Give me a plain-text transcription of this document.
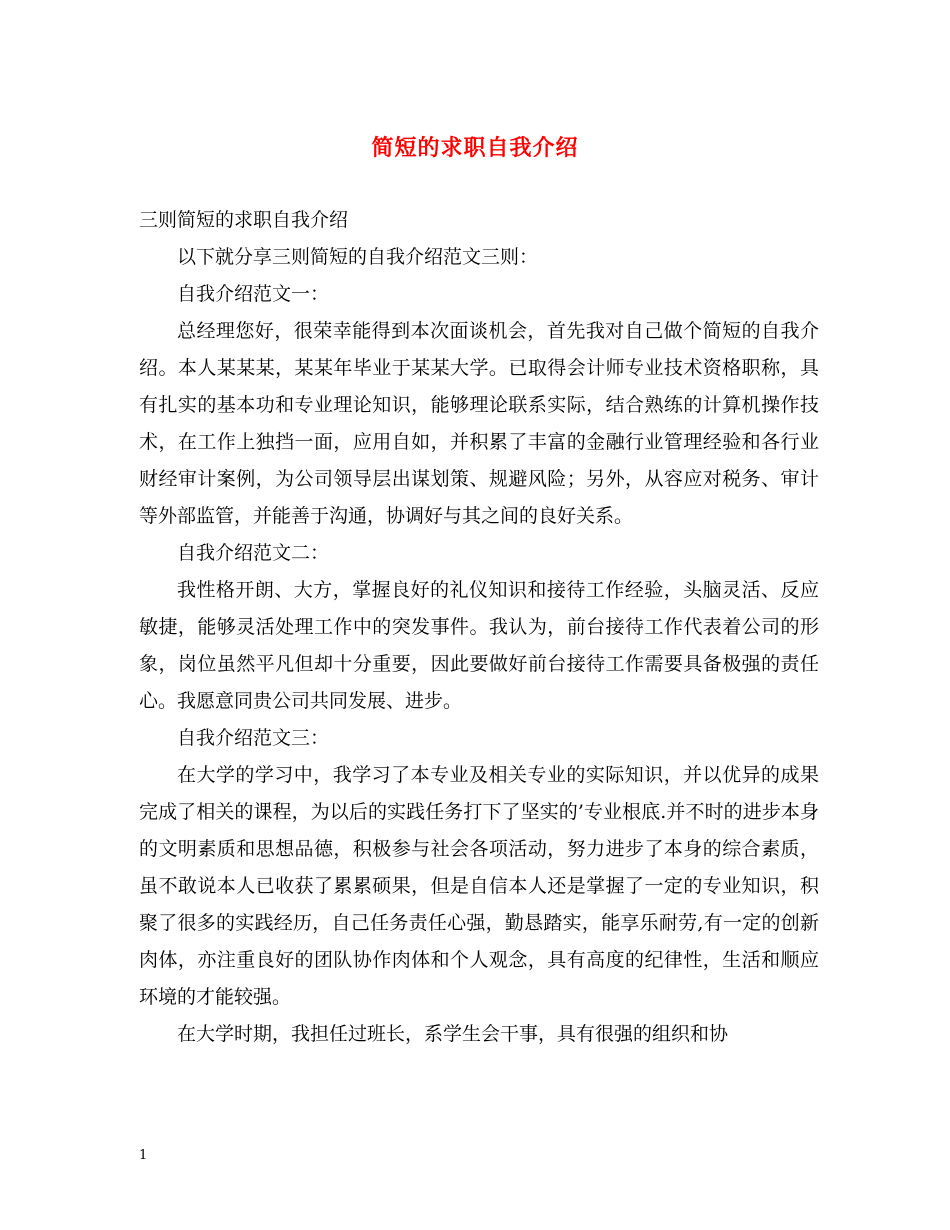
简短的求职自我介绍

三则简短的求职自我介绍

以下就分享三则简短的自我介绍范文三则：

自我介绍范文一：

总经理您好，很荣幸能得到本次面谈机会，首先我对自己做个简短的自我介绍。本人某某某，某某年毕业于某某大学。已取得会计师专业技术资格职称，具有扎实的基本功和专业理论知识，能够理论联系实际，结合熟练的计算机操作技术，在工作上独挡一面，应用自如，并积累了丰富的金融行业管理经验和各行业财经审计案例，为公司领导层出谋划策、规避风险；另外，从容应对税务、审计等外部监管，并能善于沟通，协调好与其之间的良好关系。

自我介绍范文二：

我性格开朗、大方，掌握良好的礼仪知识和接待工作经验，头脑灵活、反应敏捷，能够灵活处理工作中的突发事件。我认为，前台接待工作代表着公司的形象，岗位虽然平凡但却十分重要，因此要做好前台接待工作需要具备极强的责任心。我愿意同贵公司共同发展、进步。

自我介绍范文三：

在大学的学习中，我学习了本专业及相关专业的实际知识，并以优异的成果完成了相关的课程，为以后的实践任务打下了坚实的’专业根底.并不时的进步本身的文明素质和思想品德，积极参与社会各项活动，努力进步了本身的综合素质，虽不敢说本人已收获了累累硕果，但是自信本人还是掌握了一定的专业知识，积聚了很多的实践经历，自己任务责任心强，勤恳踏实，能享乐耐劳,有一定的创新肉体，亦注重良好的团队协作肉体和个人观念，具有高度的纪律性，生活和顺应环境的才能较强。

在大学时期，我担任过班长，系学生会干事，具有很强的组织和协

1
